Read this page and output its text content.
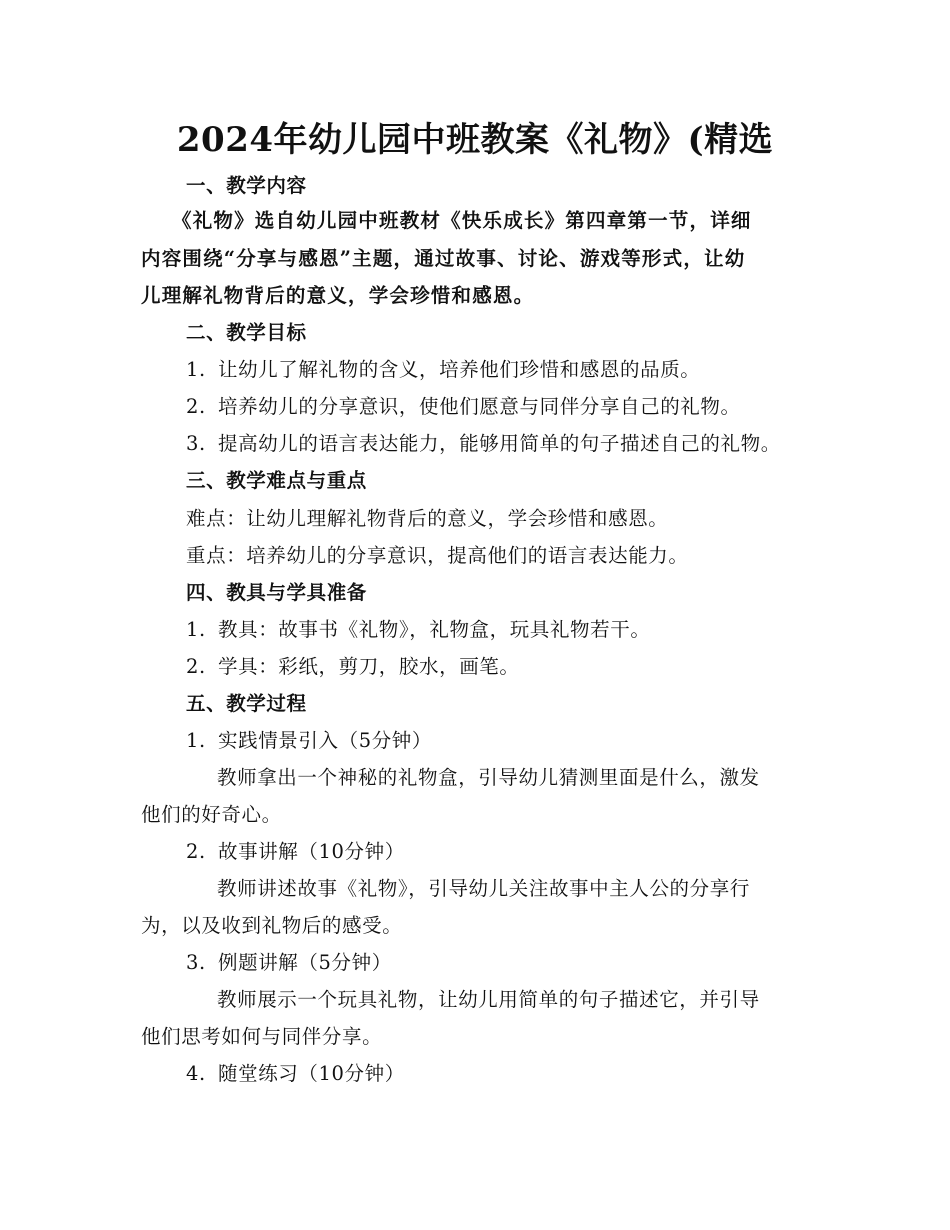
2024年幼儿园中班教案《礼物》(精选
一、教学内容
《礼物》选自幼儿园中班教材《快乐成长》第四章第一节，详细
内容围绕“分享与感恩”主题，通过故事、讨论、游戏等形式，让幼
儿理解礼物背后的意义，学会珍惜和感恩。
二、教学目标
1. 让幼儿了解礼物的含义，培养他们珍惜和感恩的品质。
2. 培养幼儿的分享意识，使他们愿意与同伴分享自己的礼物。
3. 提高幼儿的语言表达能力，能够用简单的句子描述自己的礼物。
三、教学难点与重点
难点：让幼儿理解礼物背后的意义，学会珍惜和感恩。
重点：培养幼儿的分享意识，提高他们的语言表达能力。
四、教具与学具准备
1. 教具：故事书《礼物》，礼物盒，玩具礼物若干。
2. 学具：彩纸，剪刀，胶水，画笔。
五、教学过程
1. 实践情景引入（5分钟）
教师拿出一个神秘的礼物盒，引导幼儿猜测里面是什么，激发
他们的好奇心。
2. 故事讲解（10分钟）
教师讲述故事《礼物》，引导幼儿关注故事中主人公的分享行
为，以及收到礼物后的感受。
3. 例题讲解（5分钟）
教师展示一个玩具礼物，让幼儿用简单的句子描述它，并引导
他们思考如何与同伴分享。
4. 随堂练习（10分钟）
